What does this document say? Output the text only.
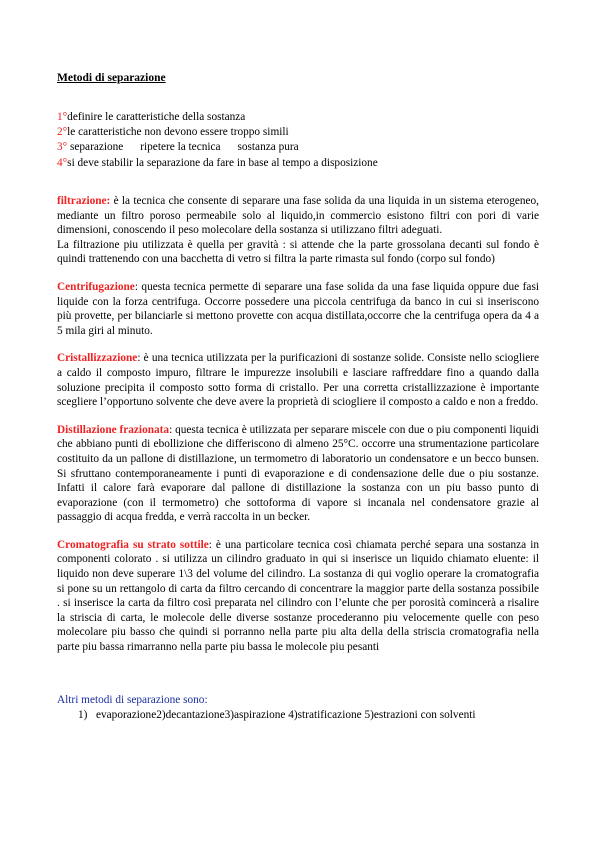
Metodi di separazione
1°definire le caratteristiche della sostanza
2°le caratteristiche non devono essere troppo simili
3° separazione      ripetere la tecnica      sostanza pura
4°si deve stabilir la separazione da fare in base al tempo a disposizione

filtrazione: è la tecnica che consente di separare una fase solida da una liquida in un sistema eterogeneo, mediante un filtro poroso permeabile solo al liquido,in commercio esistono filtri con pori di varie dimensioni, conoscendo il peso molecolare della sostanza si utilizzano filtri adeguati.
La filtrazione piu utilizzata è quella per gravità : si attende che la parte grossolana decanti sul fondo è quindi trattenendo con una bacchetta di vetro si filtra la parte rimasta sul fondo (corpo sul fondo)

Centrifugazione: questa tecnica permette di separare una fase solida da una fase liquida oppure due fasi liquide con la forza centrifuga. Occorre possedere una piccola centrifuga da banco in cui si inseriscono più provette, per bilanciarle si mettono provette con acqua distillata,occorre che la centrifuga opera da 4 a 5 mila giri al minuto.

Cristallizzazione: è una tecnica utilizzata per la purificazioni di sostanze solide. Consiste nello sciogliere a caldo il composto impuro, filtrare le impurezze insolubili e lasciare raffreddare fino a quando dalla soluzione precipita il composto sotto forma di cristallo. Per una corretta cristallizzazione è importante scegliere l’opportuno solvente che deve avere la proprietà di sciogliere il composto a caldo e non a freddo.

Distillazione frazionata: questa tecnica è utilizzata per separare miscele con due o piu componenti liquidi che abbiano punti di ebollizione che differiscono di almeno 25°C. occorre una strumentazione particolare costituito da un pallone di distillazione, un termometro di laboratorio un condensatore e un becco bunsen. Si sfruttano contemporaneamente i punti di evaporazione e di condensazione delle due o piu sostanze. Infatti il calore farà evaporare dal pallone di distillazione la sostanza con un piu basso punto di evaporazione (con il termometro) che sottoforma di vapore si incanala nel condensatore grazie al passaggio di acqua fredda, e verrà raccolta in un becker.

Cromatografia su strato sottile: è una particolare tecnica così chiamata perché separa una sostanza in componenti colorato . si utilizza un cilindro graduato in qui si inserisce un liquido chiamato eluente: il liquido non deve superare 1\3 del volume del cilindro. La sostanza di qui voglio operare la cromatografia si pone su un rettangolo di carta da filtro cercando di concentrare la maggior parte della sostanza possibile . si inserisce la carta da filtro così preparata nel cilindro con l’elunte che per porosità comincerà a risalire la striscia di carta, le molecole delle diverse sostanze procederanno piu velocemente quelle con peso molecolare piu basso che quindi si porranno nella parte piu alta della della striscia cromatografia nella parte piu bassa rimarranno nella parte piu bassa le molecole piu pesanti

Altri metodi di separazione sono:
1) evaporazione2)decantazione3)aspirazione 4)stratificazione 5)estrazioni con solventi
